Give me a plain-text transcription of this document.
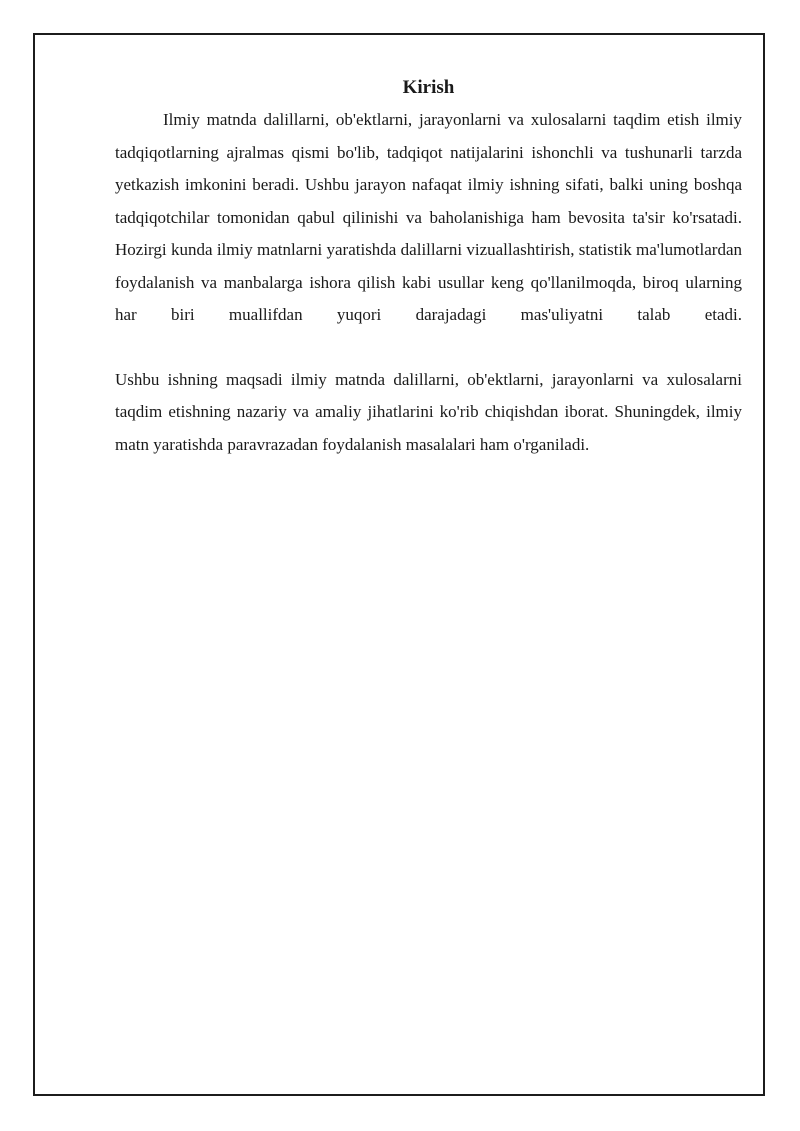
Kirish

Ilmiy matnda dalillarni, ob'ektlarni, jarayonlarni va xulosalarni taqdim etish ilmiy tadqiqotlarning ajralmas qismi bo'lib, tadqiqot natijalarini ishonchli va tushunarli tarzda yetkazish imkonini beradi. Ushbu jarayon nafaqat ilmiy ishning sifati, balki uning boshqa tadqiqotchilar tomonidan qabul qilinishi va baholanishiga ham bevosita ta'sir ko'rsatadi. Hozirgi kunda ilmiy matnlarni yaratishda dalillarni vizuallashtirish, statistik ma'lumotlardan foydalanish va manbalarga ishora qilish kabi usullar keng qo'llanilmoqda, biroq ularning har biri muallifdan yuqori darajadagi mas'uliyatni talab etadi.

Ushbu ishning maqsadi ilmiy matnda dalillarni, ob'ektlarni, jarayonlarni va xulosalarni taqdim etishning nazariy va amaliy jihatlarini ko'rib chiqishdan iborat. Shuningdek, ilmiy matn yaratishda paravrazadan foydalanish masalalari ham o'rganiladi.
